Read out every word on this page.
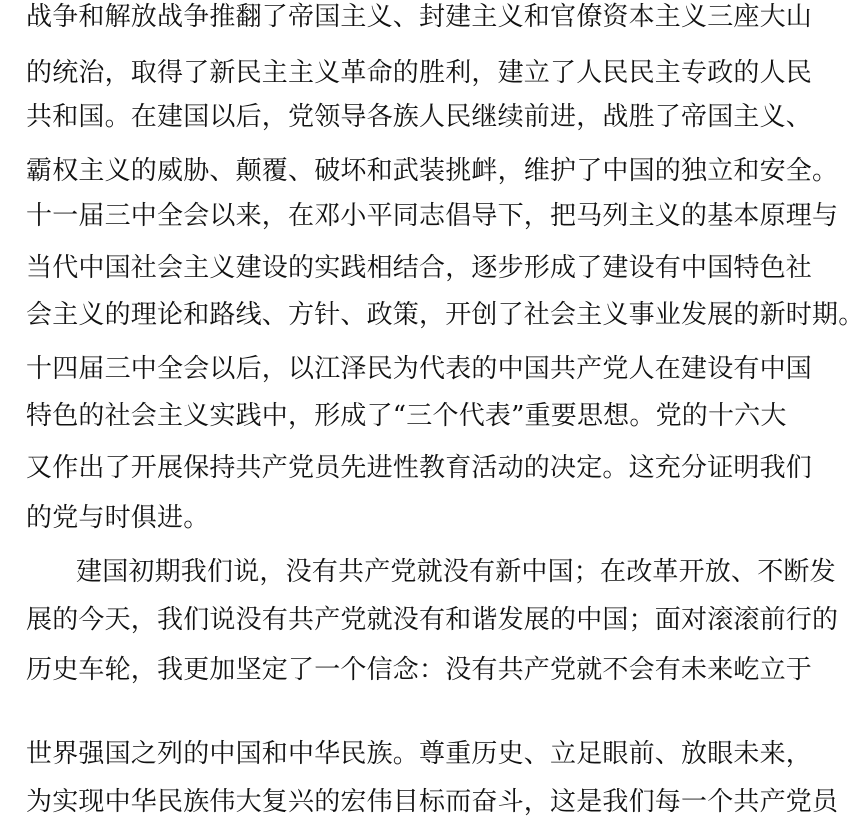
战争和解放战争推翻了帝国主义、封建主义和官僚资本主义三座大山
的统治，取得了新民主主义革命的胜利，建立了人民民主专政的人民
共和国。在建国以后，党领导各族人民继续前进，战胜了帝国主义、
霸权主义的威胁、颠覆、破坏和武装挑衅，维护了中国的独立和安全。
十一届三中全会以来，在邓小平同志倡导下，把马列主义的基本原理与
当代中国社会主义建设的实践相结合，逐步形成了建设有中国特色社
会主义的理论和路线、方针、政策，开创了社会主义事业发展的新时期。
十四届三中全会以后，以江泽民为代表的中国共产党人在建设有中国
特色的社会主义实践中，形成了“三个代表”重要思想。党的十六大
又作出了开展保持共产党员先进性教育活动的决定。这充分证明我们
的党与时俱进。
建国初期我们说，没有共产党就没有新中国；在改革开放、不断发
展的今天，我们说没有共产党就没有和谐发展的中国；面对滚滚前行的
历史车轮，我更加坚定了一个信念：没有共产党就不会有未来屹立于
世界强国之列的中国和中华民族。尊重历史、立足眼前、放眼未来，
为实现中华民族伟大复兴的宏伟目标而奋斗，这是我们每一个共产党员
